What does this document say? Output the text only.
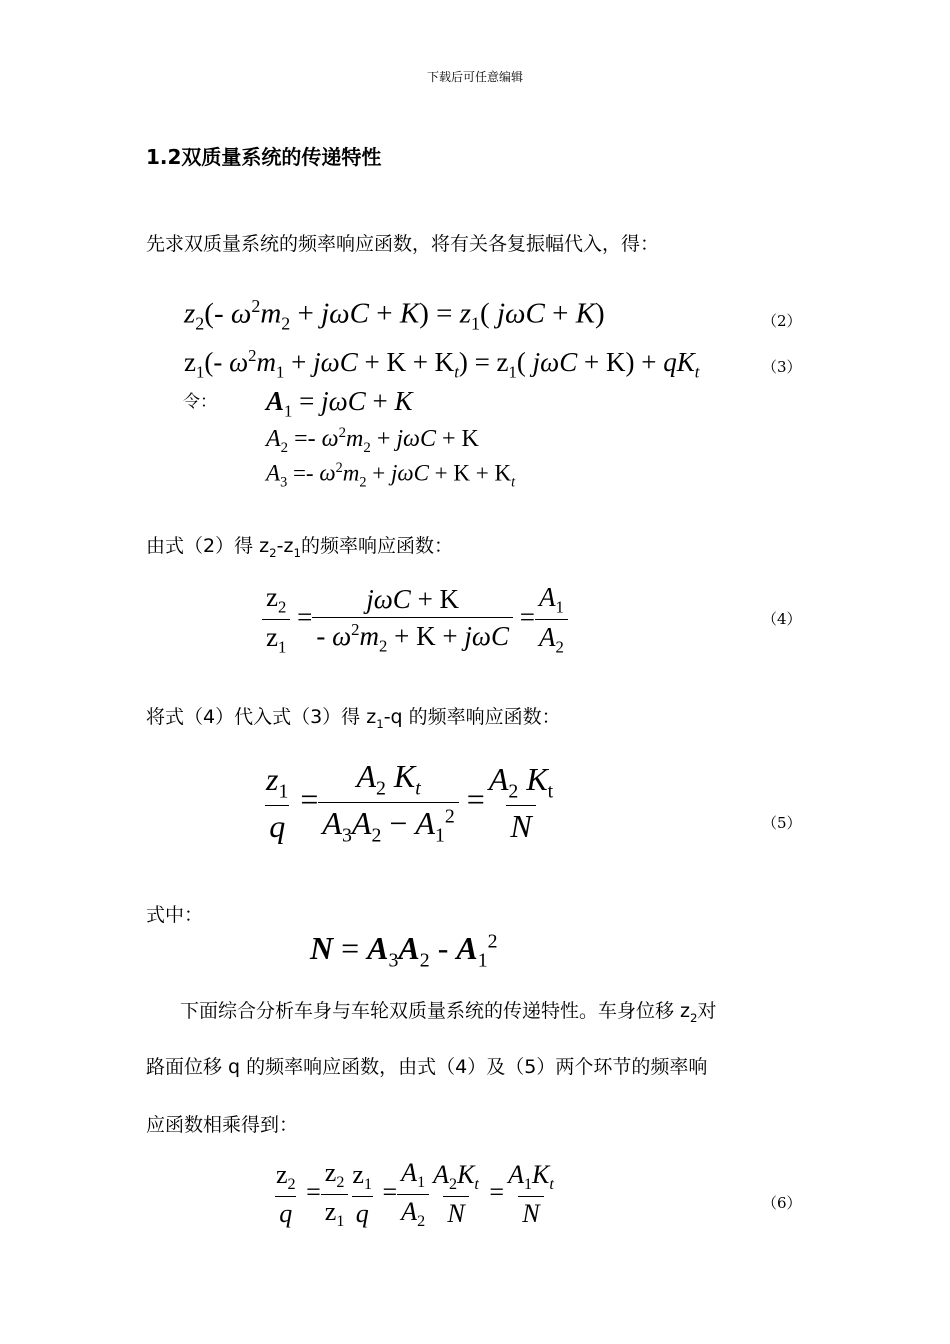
下载后可任意编辑
1.2双质量系统的传递特性
先求双质量系统的频率响应函数，将有关各复振幅代入，得：
$z_2(-$ $\omega^2m_2 + j\omega C + K) = z_1$( jωC + K)	（2）
$z_1(-$ $\omega^2m_1 + j\omega C + K + K_t) = z_1$( $j\omega C + K) + qK_t$	（3）
令： $A_1 = j\omega C + K$
$A_2 =- \omega^2m_2 + j\omega C + K$
$A_3 =- \omega^2m_2 + j\omega C + K + K_t$
由式（2）得 $z_2-z_1$的频率响应函数：
$\frac{z_2}{z_1} = \frac{\text{jωC + K}}{- \omega^2m_2 + K + j\omega C} = \frac{A_1}{A_2}$	（4）
将式（4）代入式（3）得 $z_1-q$ 的频率响应函数：
$\frac{z_1}{q} = \frac{A_2 K_t}{A_3A_2 - A_1^2} = \frac{A_2 K_t}{N}$	（5）
式中：
$N = A_3A_2 - A_1^2$
下面综合分析车身与车轮双质量系统的传递特性。车身位移 $z_2$对
路面位移 q 的频率响应函数，由式（4）及（5）两个环节的频率响
应函数相乘得到：
$\frac{z_2}{q} = \frac{z_2}{z_1} \frac{z_1}{q} = \frac{A_1}{A_2} \frac{A_2K_t}{N} = \frac{A_1K_t}{N}$	（6）
